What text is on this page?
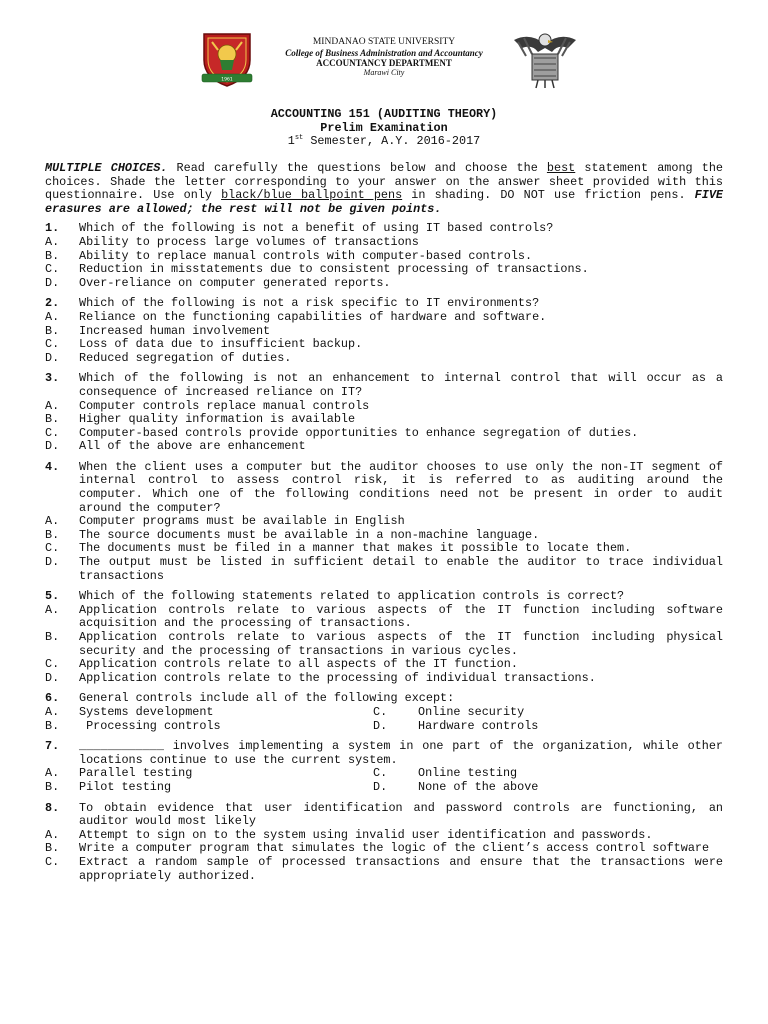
1961
MINDANAO STATE UNIVERSITY
College of Business Administration and Accountancy
ACCOUNTANCY DEPARTMENT
Marawi City
ACCOUNTING 151 (AUDITING THEORY)
Prelim Examination
1st Semester, A.Y. 2016-2017

MULTIPLE CHOICES. Read carefully the questions below and choose the best statement among the choices. Shade the letter corresponding to your answer on the answer sheet provided with this questionnaire. Use only black/blue ballpoint pens in shading. DO NOT use friction pens. FIVE erasures are allowed; the rest will not be given points.

1.	Which of the following is not a benefit of using IT based controls?
A.	Ability to process large volumes of transactions
B.	Ability to replace manual controls with computer-based controls.
C.	Reduction in misstatements due to consistent processing of transactions.
D.	Over-reliance on computer generated reports.
2.	Which of the following is not a risk specific to IT environments?
A.	Reliance on the functioning capabilities of hardware and software.
B.	Increased human involvement
C.	Loss of data due to insufficient backup.
D.	Reduced segregation of duties.
3.	Which of the following is not an enhancement to internal control that will occur as a consequence of increased reliance on IT?
A.	Computer controls replace manual controls
B.	Higher quality information is available
C.	Computer-based controls provide opportunities to enhance segregation of duties.
D.	All of the above are enhancement
4.	When the client uses a computer but the auditor chooses to use only the non-IT segment of internal control to assess control risk, it is referred to as auditing around the computer. Which one of the following conditions need not be present in order to audit around the computer?
A.	Computer programs must be available in English
B.	The source documents must be available in a non-machine language.
C.	The documents must be filed in a manner that makes it possible to locate them.
D.	The output must be listed in sufficient detail to enable the auditor to trace individual transactions
5.	Which of the following statements related to application controls is correct?
A.	Application controls relate to various aspects of the IT function including software acquisition and the processing of transactions.
B.	Application controls relate to various aspects of the IT function including physical security and the processing of transactions in various cycles.
C.	Application controls relate to all aspects of the IT function.
D.	Application controls relate to the processing of individual transactions.
6.	General controls include all of the following except:
A.	Systems development	C.	Online security
B.	Processing controls	D.	Hardware controls
7.	____________ involves implementing a system in one part of the organization, while other locations continue to use the current system.
A.	Parallel testing	C.	Online testing
B.	Pilot testing	D.	None of the above
8.	To obtain evidence that user identification and password controls are functioning, an auditor would most likely
A.	Attempt to sign on to the system using invalid user identification and passwords.
B.	Write a computer program that simulates the logic of the client’s access control software
C.	Extract a random sample of processed transactions and ensure that the transactions were appropriately authorized.
